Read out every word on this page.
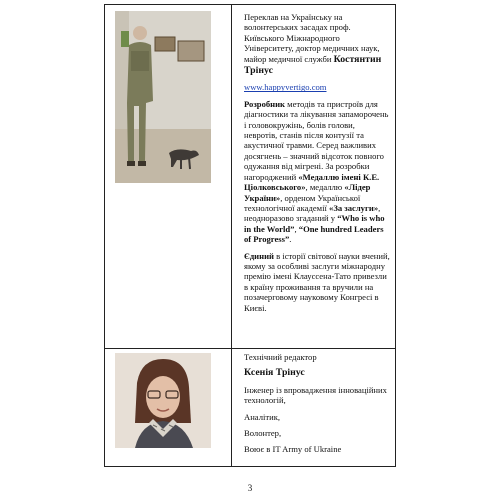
Переклав на Українську на волонтерських засадах проф. Київського Міжнародного Університету, доктор медичних наук, майор медичної служби Костянтин Трінус

www.happyvertigo.com

Розробник методів та пристроїв для діагностики та лікування запаморочень і головокружінь, болів голови, невротів, станів після контузії та акустичної травми. Серед важливих досягнень – значний відсоток повного одужання від мігрені. За розробки нагороджений «Медаллю імені К.Е. Ціолковського», медаллю «Лідер України», орденом Української технологічної академії «За заслуги», неодноразово згаданий у “Who is who in the World”, “One hundred Leaders of Progress”.

Єдиний в історії світової науки вчений, якому за особливі заслуги міжнародну премію імені Клауссена-Тато привезли в країну проживання та вручили на позачерговому науковому Конгресі в Києві.

Технічний редактор

Ксенія Трінус

Інженер із впровадження інноваційних технологій,

Аналітик,

Волонтер,

Воює в IT Army of Ukraine

3
